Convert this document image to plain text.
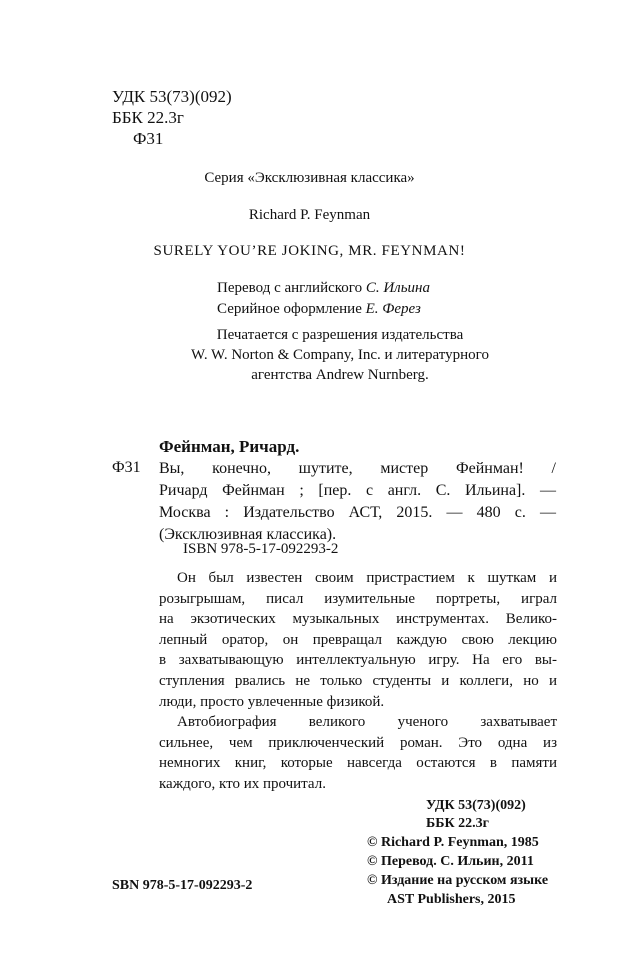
УДК 53(73)(092)
ББК 22.3г
Ф31
Серия «Эксклюзивная классика»
Richard P. Feynman
SURELY YOU’RE JOKING, MR. FEYNMAN!
Перевод с английского С. Ильина
Серийное оформление Е. Ферез
Печатается с разрешения издательства
W. W. Norton & Company, Inc. и литературного
агентства Andrew Nurnberg.
Фейнман, Ричард.
Ф31 Вы, конечно, шутите, мистер Фейнман! /
Ричард Фейнман ; [пер. с англ. С. Ильина]. —
Москва : Издательство АСТ, 2015. — 480 с. —
(Эксклюзивная классика).
ISBN 978-5-17-092293-2
Он был известен своим пристрастием к шуткам и
розыгрышам, писал изумительные портреты, играл
на экзотических музыкальных инструментах. Велико-
лепный оратор, он превращал каждую свою лекцию
в захватывающую интеллектуальную игру. На его вы-
ступления рвались не только студенты и коллеги, но и
люди, просто увлеченные физикой.
Автобиография великого ученого захватывает
сильнее, чем приключенческий роман. Это одна из
немногих книг, которые навсегда остаются в памяти
каждого, кто их прочитал.
УДК 53(73)(092)
ББК 22.3г
© Richard P. Feynman, 1985
© Перевод. С. Ильин, 2011
© Издание на русском языке
AST Publishers, 2015
SBN 978-5-17-092293-2
